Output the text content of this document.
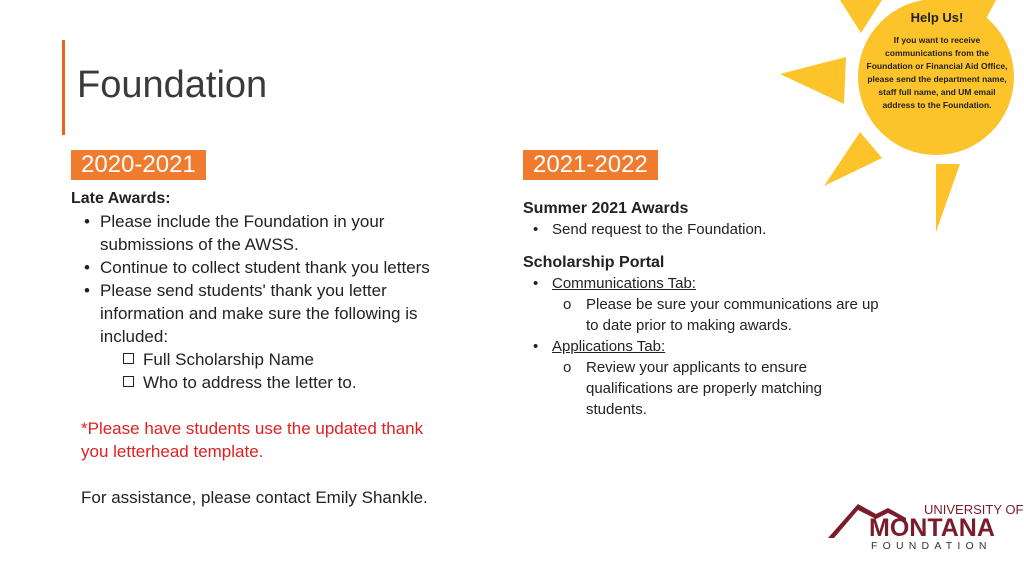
Foundation
2020-2021	2021-2022
Late Awards:
• Please include the Foundation in your submissions of the AWSS.
• Continue to collect student thank you letters
• Please send students' thank you letter information and make sure the following is included:
Full Scholarship Name
Who to address the letter to.
*Please have students use the updated thank you letterhead template.
For assistance, please contact Emily Shankle.
Summer 2021 Awards
• Send request to the Foundation.
Scholarship Portal
• Communications Tab:
o Please be sure your communications are up to date prior to making awards.
• Applications Tab:
o Review your applicants to ensure qualifications are properly matching students.
Help Us!
If you want to receive communications from the Foundation or Financial Aid Office, please send the department name, staff full name, and UM email address to the Foundation.
UNIVERSITY OF
MONTANA
FOUNDATION
